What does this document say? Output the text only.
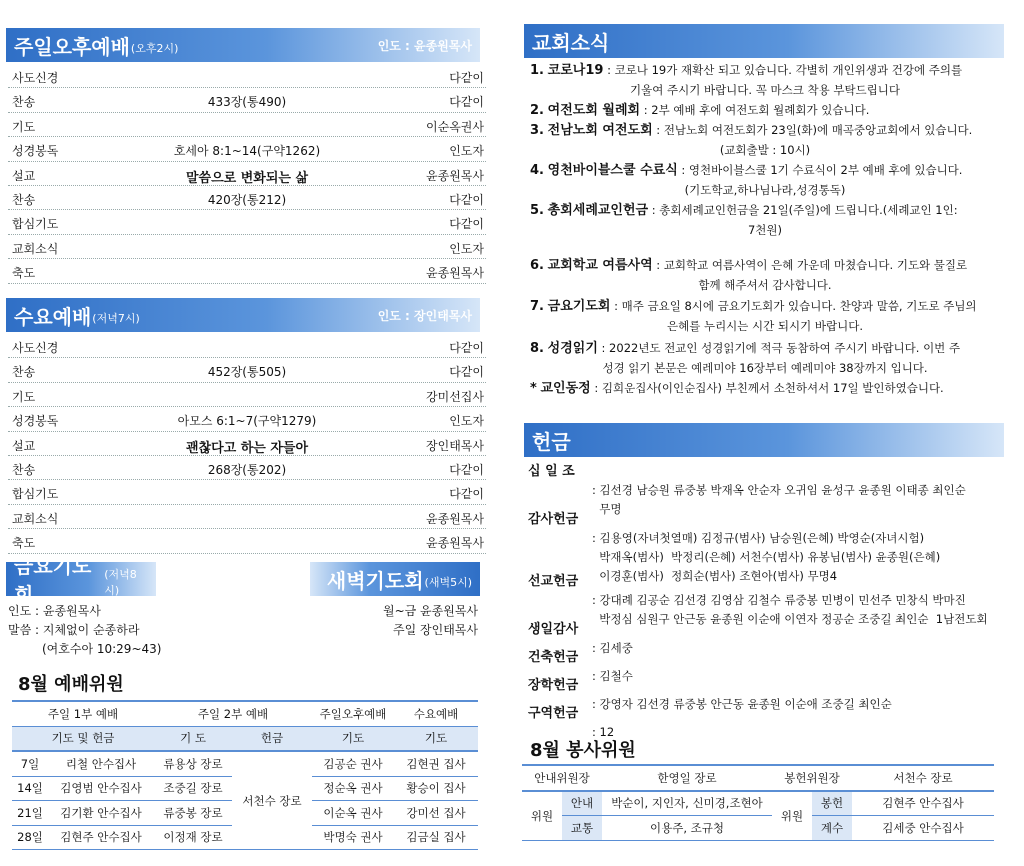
주일오후예배 (오후2시)	인도 : 윤종원목사
사도신경	다같이
찬송	433장(통490)	다같이
기도	이순옥권사
성경봉독	호세아 8:1~14(구약1262)	인도자
설교	말씀으로 변화되는 삶	윤종원목사
찬송	420장(통212)	다같이
합심기도	다같이
교회소식	인도자
축도	윤종원목사
수요예배 (저녁7시)	인도 : 장인태목사
사도신경	다같이
찬송	452장(통505)	다같이
기도	강미선집사
성경봉독	아모스 6:1~7(구약1279)	인도자
설교	괜찮다고 하는 자들아	장인태목사
찬송	268장(통202)	다같이
합심기도	다같이
교회소식	윤종원목사
축도	윤종원목사
금요기도회
(저녁8시)
인도 : 윤종원목사
말씀 : 지체없이 순종하라
(여호수아 10:29~43)
새벽기도회 (새벽5시)
월~금 윤종원목사
주일 장인태목사
8월 예배위원
주일 1부 예배		주일 2부 예배		주일오후예배	수요예배
기도 및 헌금		기 도	헌금	기도	기도
7일	리철 안수집사	류용상 장로	서천수 장로	김공순 권사	김현권 집사
14일	김영범 안수집사	조중길 장로		정순옥 권사	황승이 집사
21일	김기환 안수집사	류중봉 장로		이순옥 권사	강미선 집사
28일	김현주 안수집사	이정재 장로		박명숙 권사	김금실 집사
교회소식
1. 코로나19 : 코로나 19가 재확산 되고 있습니다. 각별히 개인위생과 건강에 주의를
기울여 주시기 바랍니다. 꼭 마스크 착용 부탁드립니다
2. 여전도회 월례회 : 2부 예배 후에 여전도회 월례회가 있습니다.
3. 전남노회 여전도회 : 전남노회 여전도회가 23일(화)에 매곡중앙교회에서 있습니다.
(교회출발 : 10시)
4. 영천바이블스쿨 수료식 : 영천바이블스쿨 1기 수료식이 2부 예배 후에 있습니다.
(기도학교,하나님나라,성경통독)
5. 총회세례교인헌금 : 총회세례교인헌금을 21일(주일)에 드립니다.(세례교인 1인:
7천원)
6. 교회학교 여름사역 : 교회학교 여름사역이 은혜 가운데 마쳤습니다. 기도와 물질로
함께 해주셔서 감사합니다.
7. 금요기도회 : 매주 금요일 8시에 금요기도회가 있습니다. 찬양과 말씀, 기도로 주님의
은혜를 누리시는 시간 되시기 바랍니다.
8. 성경읽기 : 2022년도 전교인 성경읽기에 적극 동참하여 주시기 바랍니다. 이번 주
성경 읽기 본문은 예레미야 16장부터 예레미야 38장까지 입니다.
* 교인동정 : 김희운집사(이인순집사) 부친께서 소천하셔서 17일 발인하였습니다.
헌금
십 일 조
: 김선경 남승원 류중봉 박재옥 안순자 오귀임 윤성구 윤종원 이태종 최인순
무명
감사헌금
: 김용영(자녀첫열매) 김정규(범사) 남승원(은혜) 박영순(자녀시험)
박재옥(범사)  박정리(은혜) 서천수(범사) 유봉님(범사) 윤종원(은혜)
이경훈(범사)  정희순(범사) 조현아(범사) 무명4
선교헌금
: 강대례 김공순 김선경 김영삼 김철수 류중봉 민병이 민선주 민창식 박마진
박정심 심원구 안근동 윤종원 이순애 이연자 정공순 조중길 최인순  1남전도회
생일감사
: 김세중
건축헌금
: 김철수
장학헌금
: 강영자 김선경 류중봉 안근동 윤종원 이순애 조중길 최인순
구역헌금
: 12
8월 봉사위원
안내위원장		한영일 장로	봉헌위원장		서천수 장로
위원	안내	박순이, 지인자, 신미경,조현아	위원	봉헌	김현주 안수집사
	교통	이용주, 조규청		계수	김세중 안수집사
